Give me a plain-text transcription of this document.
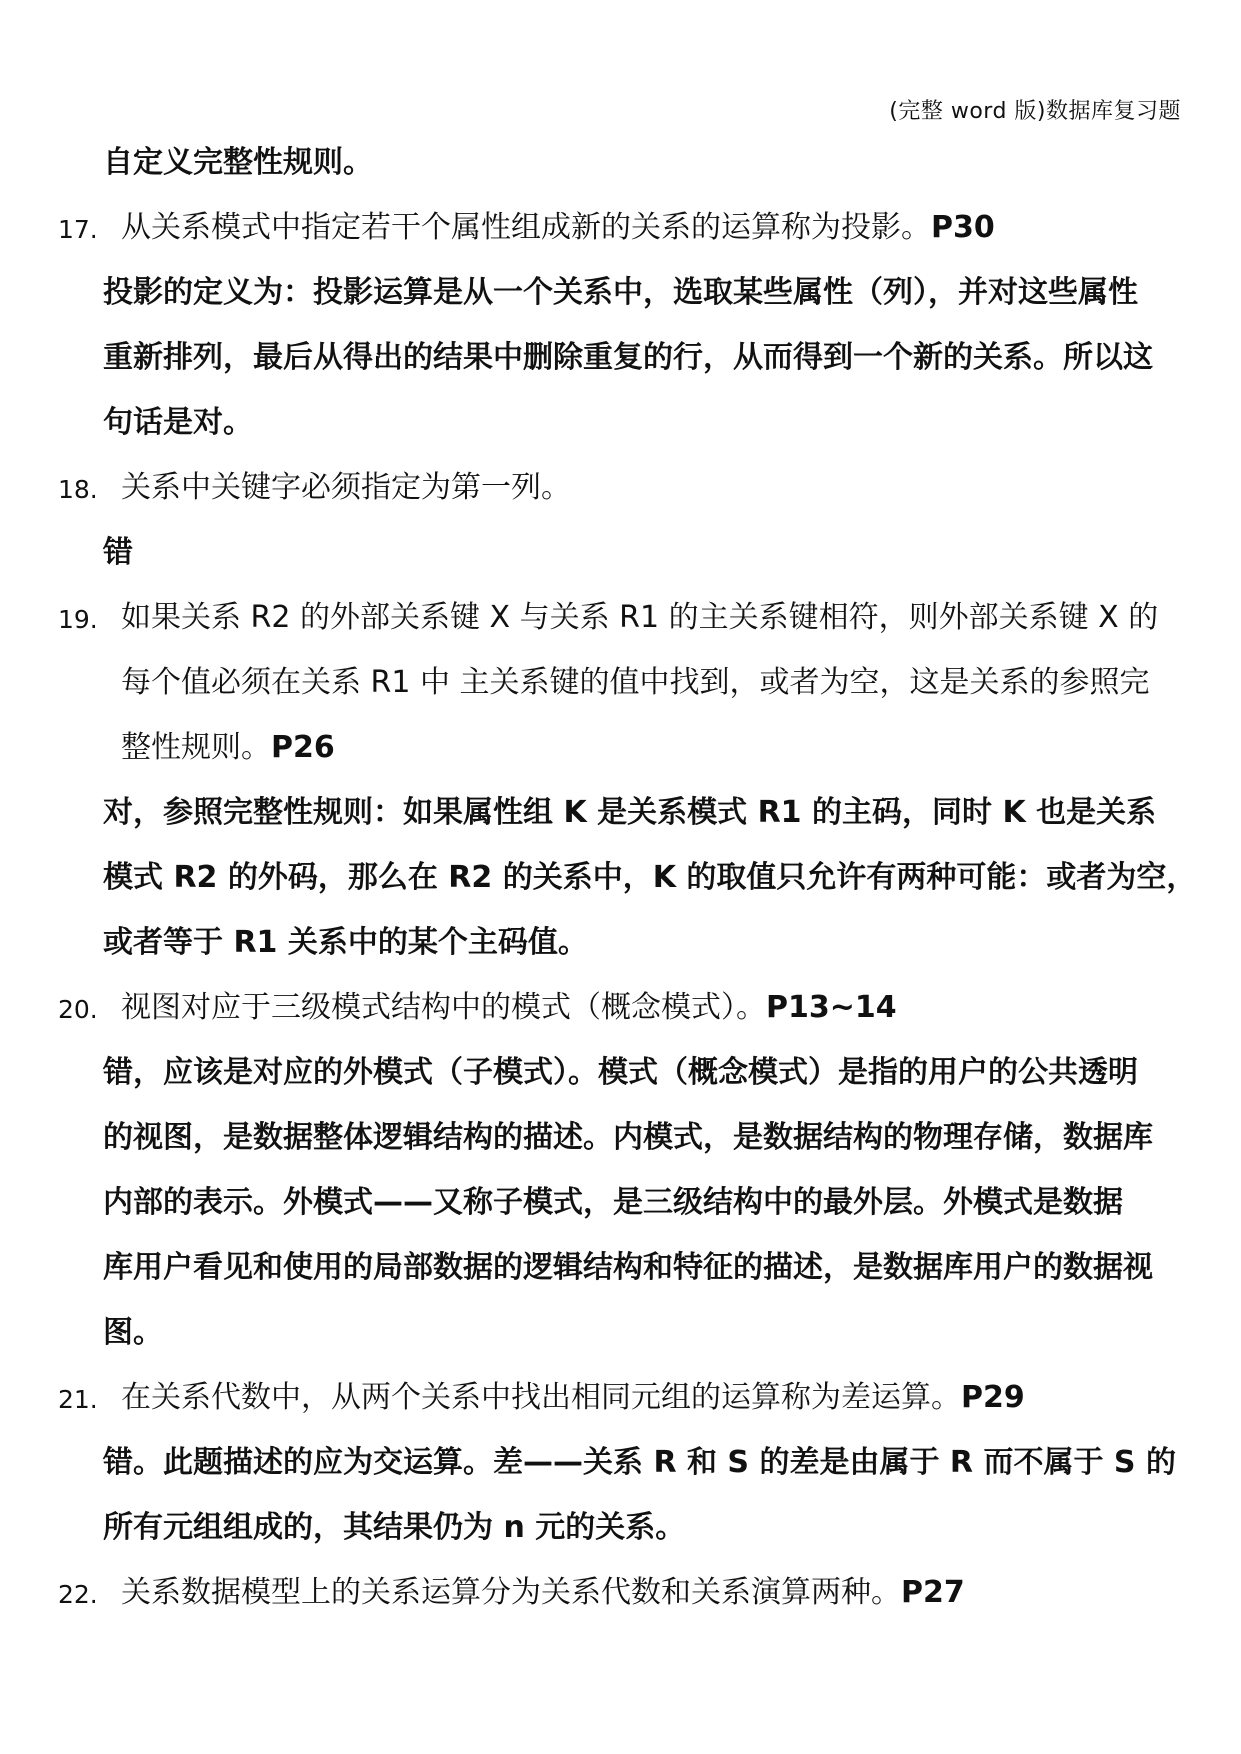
(完整 word 版)数据库复习题
自定义完整性规则。
17. 从关系模式中指定若干个属性组成新的关系的运算称为投影。P30
投影的定义为：投影运算是从一个关系中，选取某些属性（列），并对这些属性
重新排列，最后从得出的结果中删除重复的行，从而得到一个新的关系。所以这
句话是对。
18. 关系中关键字必须指定为第一列。
错
19. 如果关系 R2 的外部关系键 X 与关系 R1 的主关系键相符，则外部关系键 X 的
每个值必须在关系 R1 中 主关系键的值中找到，或者为空，这是关系的参照完
整性规则。P26
对，参照完整性规则：如果属性组 K 是关系模式 R1 的主码，同时 K 也是关系
模式 R2 的外码，那么在 R2 的关系中，K 的取值只允许有两种可能：或者为空，
或者等于 R1 关系中的某个主码值。
20. 视图对应于三级模式结构中的模式（概念模式）。P13~14
错，应该是对应的外模式（子模式）。模式（概念模式）是指的用户的公共透明
的视图，是数据整体逻辑结构的描述。内模式，是数据结构的物理存储，数据库
内部的表示。外模式——又称子模式，是三级结构中的最外层。外模式是数据
库用户看见和使用的局部数据的逻辑结构和特征的描述，是数据库用户的数据视
图。
21. 在关系代数中，从两个关系中找出相同元组的运算称为差运算。P29
错。此题描述的应为交运算。差——关系 R 和 S 的差是由属于 R 而不属于 S 的
所有元组组成的，其结果仍为 n 元的关系。
22. 关系数据模型上的关系运算分为关系代数和关系演算两种。P27
